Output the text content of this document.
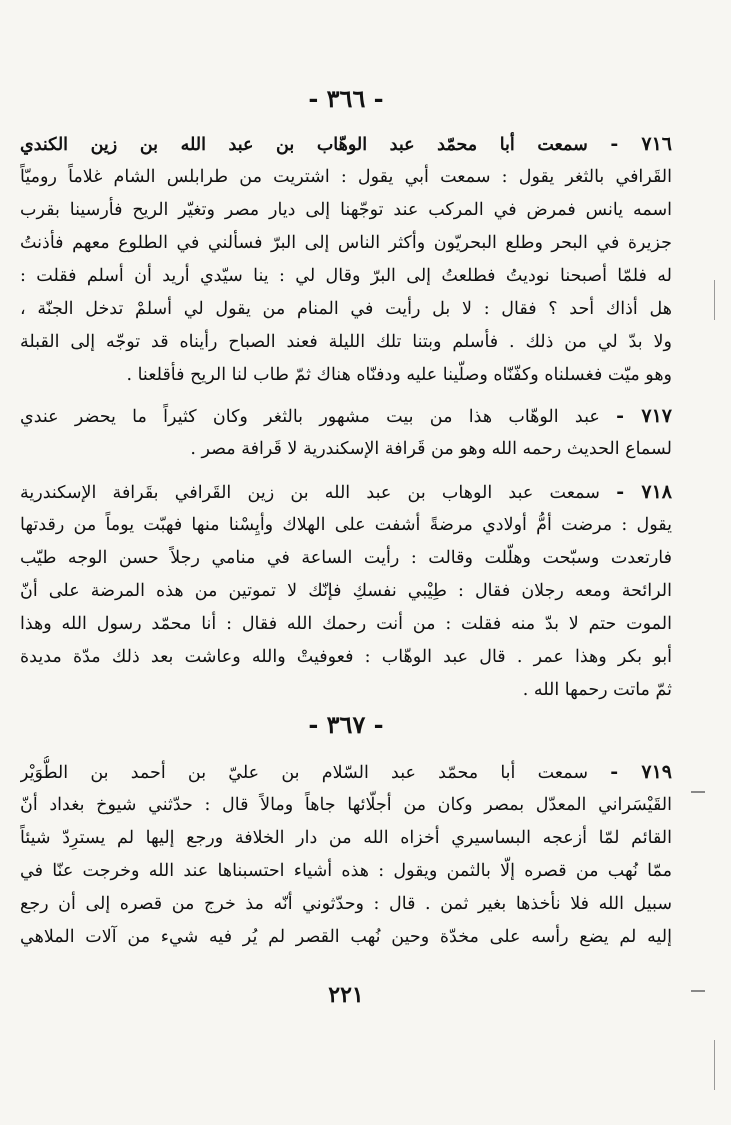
- ٣٦٦ -
٧١٦ - سمعت أبا محمّد عبد الوهّاب بن عبد الله بن زين الكندي
القَرافي بالثغر يقول : سمعت أبي يقول : اشتريت من طرابلس الشام غلاماً روميّاً
اسمه يانس فمرض في المركب عند توجّهنا إلى ديار مصر وتغيّر الريح فأرسينا بقرب
جزيرة في البحر وطلع البحريّون وأكثر الناس إلى البرّ فسألني في الطلوع معهم فأذنتُ
له فلمّا أصبحنا نوديتُ فطلعتُ إلى البرّ وقال لي : ينا سيّدي أريد أن أسلم فقلت :
هل أذاك أحد ؟ فقال : لا بل رأيت في المنام من يقول لي أسلمْ تدخل الجنّة ،
ولا بدّ لي من ذلك . فأسلم وبتنا تلك الليلة فعند الصباح رأيناه قد توجّه إلى القبلة
وهو ميّت فغسلناه وكفّنّاه وصلّينا عليه ودفنّاه هناك ثمّ طاب لنا الريح فأقلعنا .
٧١٧ - عبد الوهّاب هذا من بيت مشهور بالثغر وكان كثيراً ما يحضر عندي
لسماع الحديث رحمه الله وهو من قَرافة الإسكندرية لا قَرافة مصر .
٧١٨ - سمعت عبد الوهاب بن عبد الله بن زين القَرافي بقَرافة الإسكندرية
يقول : مرضت أمُّ أولادي مرضةً أشفت على الهلاك وأيِسْنا منها فهبّت يوماً من رقدتها
فارتعدت وسبّحت وهلّلت وقالت : رأيت الساعة في منامي رجلاً حسن الوجه طيّب
الرائحة ومعه رجلان فقال : طِيْبي نفسكِ فإنّك لا تموتين من هذه المرضة على أنّ
الموت حتم لا بدّ منه فقلت : من أنت رحمك الله فقال : أنا محمّد رسول الله وهذا
أبو بكر وهذا عمر . قال عبد الوهّاب : فعوفيتْ والله وعاشت بعد ذلك مدّة مديدة
ثمّ ماتت رحمها الله .
- ٣٦٧ -
٧١٩ - سمعت أبا محمّد عبد السّلام بن عليّ بن أحمد بن الطُّوَيْر
القَيْسَراني المعدّل بمصر وكان من أجلّائها جاهاً ومالاً قال : حدّثني شيوخ بغداد أنّ
القائم لمّا أزعجه البساسيري أخزاه الله من دار الخلافة ورجع إليها لم يسترِدّ شيئاً
ممّا نُهب من قصره إلّا بالثمن ويقول : هذه أشياء احتسبناها عند الله وخرجت عنّا في
سبيل الله فلا نأخذها بغير ثمن . قال : وحدّثوني أنّه مذ خرج من قصره إلى أن رجع
إليه لم يضع رأسه على مخدّة وحين نُهب القصر لم يُر فيه شيء من آلات الملاهي
٢٢١
